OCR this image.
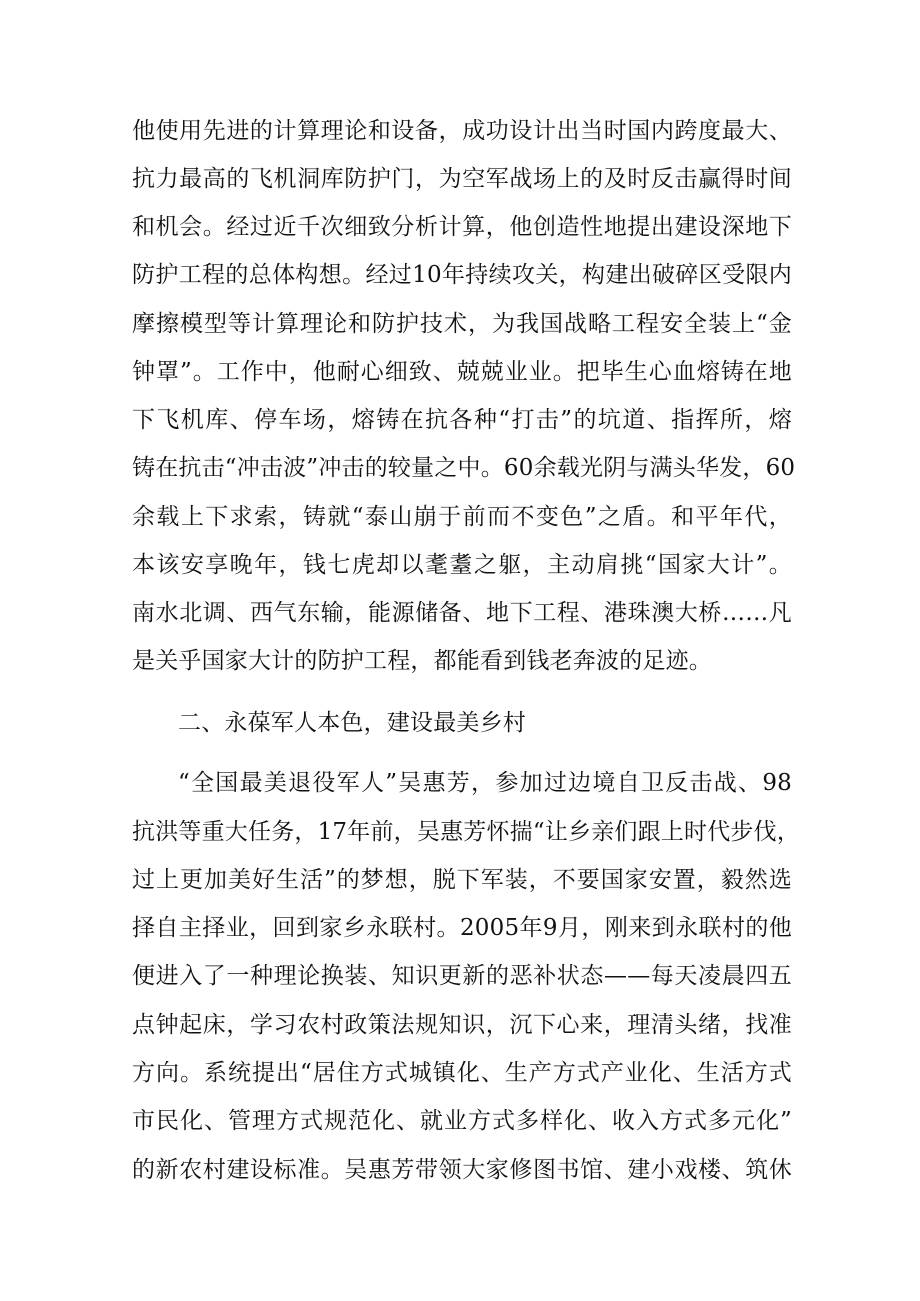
他使用先进的计算理论和设备，成功设计出当时国内跨度最大、
抗力最高的飞机洞库防护门，为空军战场上的及时反击赢得时间
和机会。经过近千次细致分析计算，他创造性地提出建设深地下
防护工程的总体构想。经过10年持续攻关，构建出破碎区受限内
摩擦模型等计算理论和防护技术，为我国战略工程安全装上“金
钟罩”。工作中，他耐心细致、兢兢业业。把毕生心血熔铸在地
下飞机库、停车场，熔铸在抗各种“打击”的坑道、指挥所，熔
铸在抗击“冲击波”冲击的较量之中。60余载光阴与满头华发，60
余载上下求索，铸就“泰山崩于前而不变色”之盾。和平年代，
本该安享晚年，钱七虎却以耄耋之躯，主动肩挑“国家大计”。
南水北调、西气东输，能源储备、地下工程、港珠澳大桥……凡
是关乎国家大计的防护工程，都能看到钱老奔波的足迹。
二、永葆军人本色，建设最美乡村
“全国最美退役军人”吴惠芳，参加过边境自卫反击战、98
抗洪等重大任务，17年前，吴惠芳怀揣“让乡亲们跟上时代步伐，
过上更加美好生活”的梦想，脱下军装，不要国家安置，毅然选
择自主择业，回到家乡永联村。2005年9月，刚来到永联村的他
便进入了一种理论换装、知识更新的恶补状态——每天凌晨四五
点钟起床，学习农村政策法规知识，沉下心来，理清头绪，找准
方向。系统提出“居住方式城镇化、生产方式产业化、生活方式
市民化、管理方式规范化、就业方式多样化、收入方式多元化”
的新农村建设标准。吴惠芳带领大家修图书馆、建小戏楼、筑休
